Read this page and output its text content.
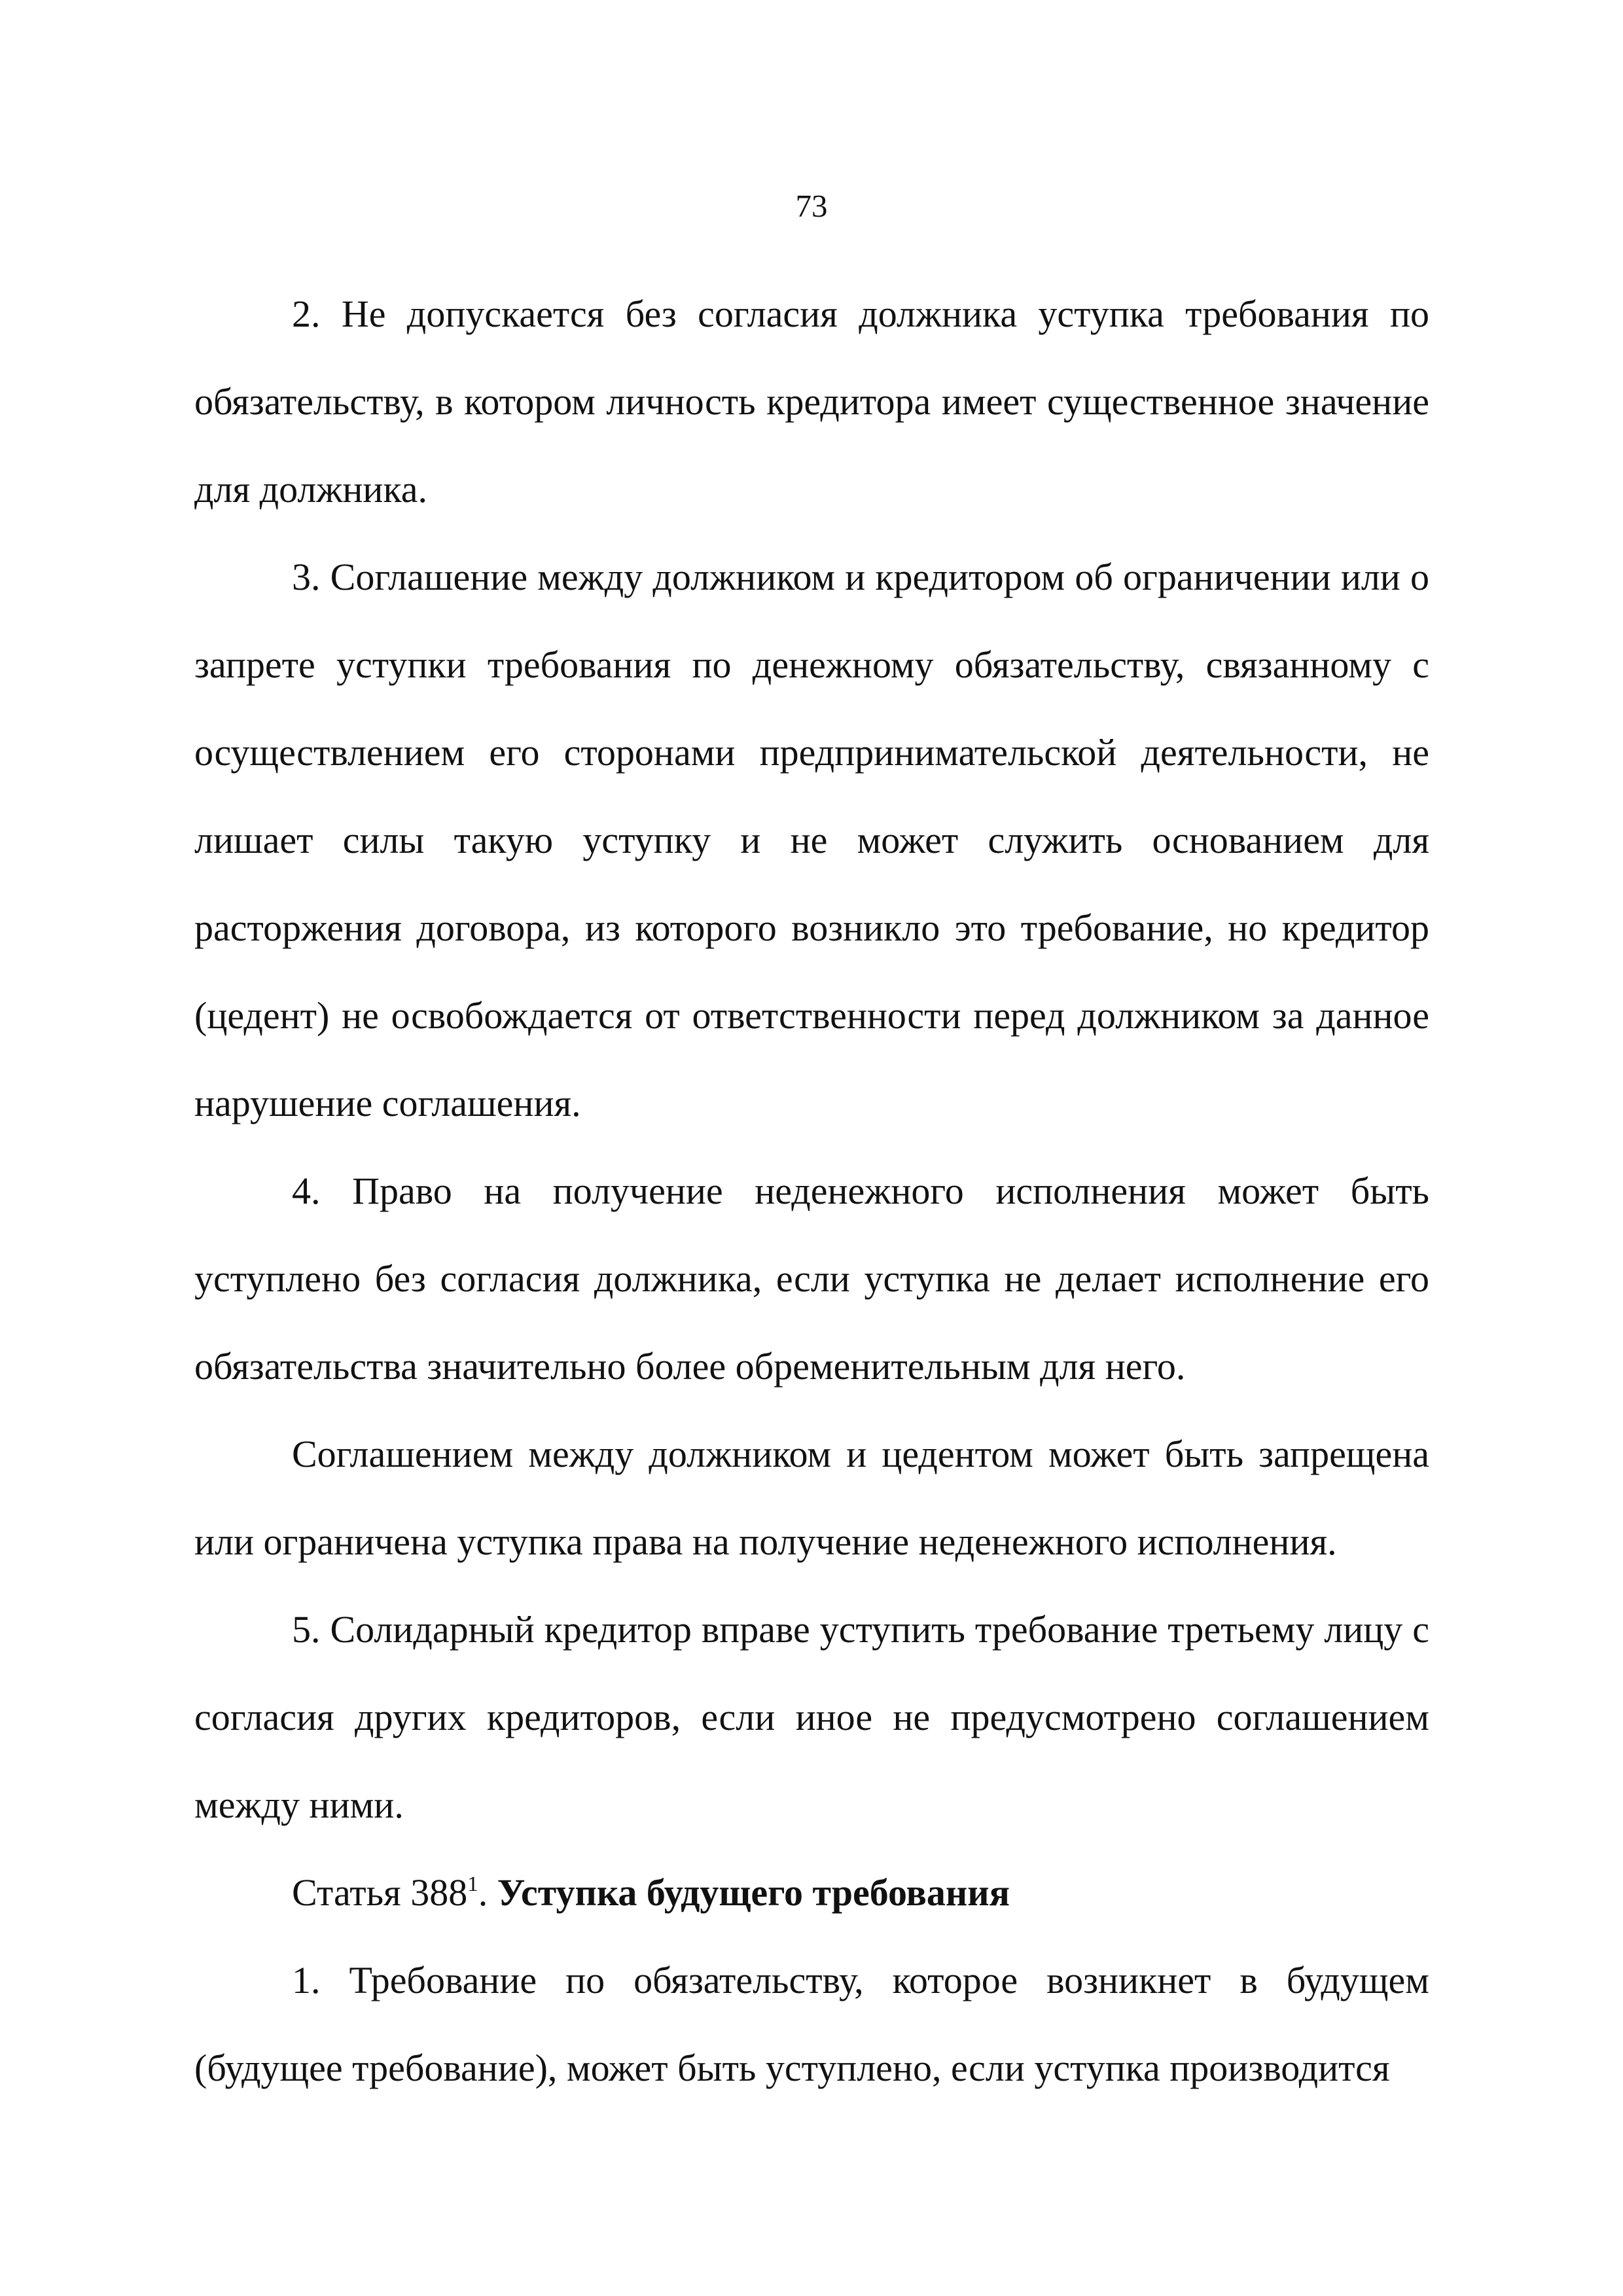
73

2. Не допускается без согласия должника уступка требования по обязательству, в котором личность кредитора имеет существенное значение для должника.

3. Соглашение между должником и кредитором об ограничении или о запрете уступки требования по денежному обязательству, связанному с осуществлением его сторонами предпринимательской деятельности, не лишает силы такую уступку и не может служить основанием для расторжения договора, из которого возникло это требование, но кредитор (цедент) не освобождается от ответственности перед должником за данное нарушение соглашения.

4. Право на получение неденежного исполнения может быть уступлено без согласия должника, если уступка не делает исполнение его обязательства значительно более обременительным для него.

Соглашением между должником и цедентом может быть запрещена или ограничена уступка права на получение неденежного исполнения.

5. Солидарный кредитор вправе уступить требование третьему лицу с согласия других кредиторов, если иное не предусмотрено соглашением между ними.

Статья $388^1$. Уступка будущего требования

1. Требование по обязательству, которое возникнет в будущем (будущее требование), может быть уступлено, если уступка производится
